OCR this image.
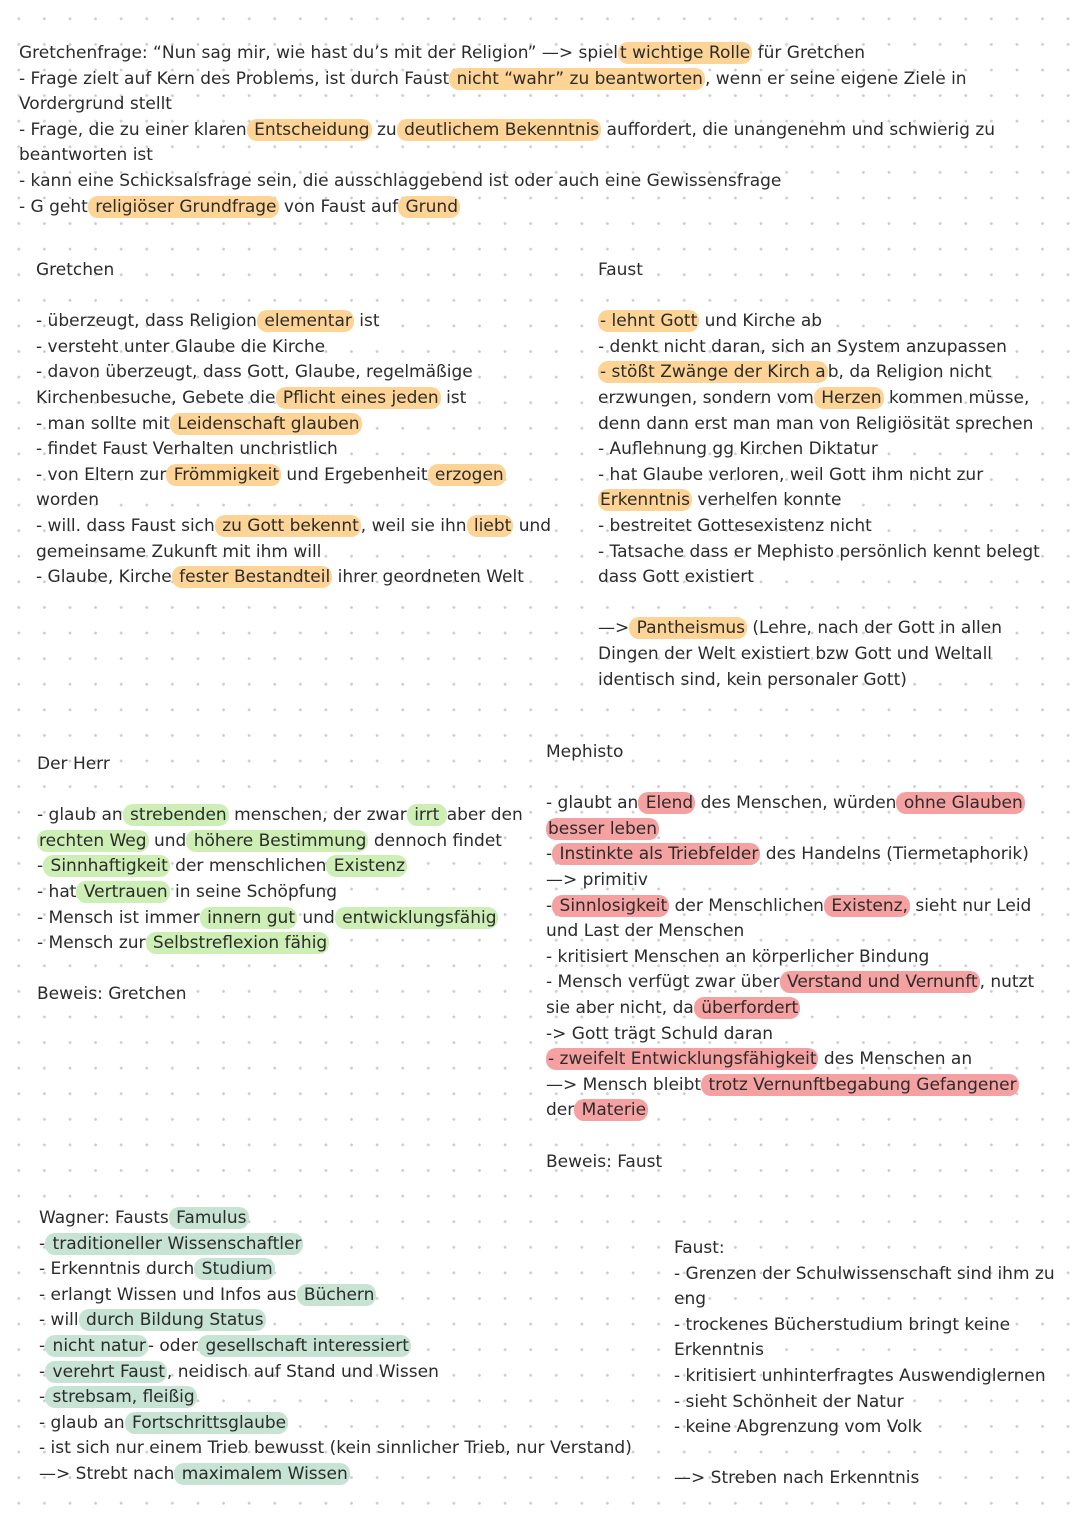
Gretchenfrage: “Nun sag mir, wie hast du’s mit der Religion” —> spiel t wichtige Rolle für Gretchen
- Frage zielt auf Kern des Problems, ist durch Faust nicht “wahr” zu beantworten , wenn er seine eigene Ziele in
Vordergrund stellt
- Frage, die zu einer klaren Entscheidung zu deutlichem Bekenntnis auffordert, die unangenehm und schwierig zu
beantworten ist
- kann eine Schicksalsfrage sein, die ausschlaggebend ist oder auch eine Gewissensfrage
- G geht religiöser Grundfrage von Faust auf Grund
Gretchen
- überzeugt, dass Religion elementar ist
- versteht unter Glaube die Kirche
- davon überzeugt, dass Gott, Glaube, regelmäßige
Kirchenbesuche, Gebete die Pflicht eines jeden ist
- man sollte mit Leidenschaft glauben
- findet Faust Verhalten unchristlich
- von Eltern zur Frömmigkeit und Ergebenheit erzogen
worden
- will. dass Faust sich zu Gott bekennt , weil sie ihn liebt und
gemeinsame Zukunft mit ihm will
- Glaube, Kirche fester Bestandteil ihrer geordneten Welt
Faust
- lehnt Gott und Kirche ab
- denkt nicht daran, sich an System anzupassen
- stößt Zwänge der Kirch a b, da Religion nicht
erzwungen, sondern vom Herzen kommen müsse,
denn dann erst man man von Religiösität sprechen
- Auflehnung gg Kirchen Diktatur
- hat Glaube verloren, weil Gott ihm nicht zur
Erkenntnis verhelfen konnte
- bestreitet Gottesexistenz nicht
- Tatsache dass er Mephisto persönlich kennt belegt
dass Gott existiert
—> Pantheismus (Lehre, nach der Gott in allen
Dingen der Welt existiert bzw Gott und Weltall
identisch sind, kein personaler Gott)
Der Herr
- glaub an strebenden menschen, der zwar irrt aber den
rechten Weg und höhere Bestimmung dennoch findet
- Sinnhaftigkeit der menschlichen Existenz
- hat Vertrauen in seine Schöpfung
- Mensch ist immer innern gut und entwicklungsfähig
- Mensch zur Selbstreflexion fähig
Beweis: Gretchen
Mephisto
- glaubt an Elend des Menschen, würden ohne Glauben
besser leben
- Instinkte als Triebfelder des Handelns (Tiermetaphorik)
—> primitiv
- Sinnlosigkeit der Menschlichen Existenz, sieht nur Leid
und Last der Menschen
- kritisiert Menschen an körperlicher Bindung
- Mensch verfügt zwar über Verstand und Vernunft , nutzt
sie aber nicht, da überfordert
-> Gott trägt Schuld daran
- zweifelt Entwicklungsfähigkeit des Menschen an
—> Mensch bleibt trotz Vernunftbegabung Gefangener
der Materie
Beweis: Faust
Wagner: Fausts Famulus
- traditioneller Wissenschaftler
- Erkenntnis durch Studium
- erlangt Wissen und Infos aus Büchern
- will durch Bildung Status
- nicht natur - oder gesellschaft interessiert
- verehrt Faust , neidisch auf Stand und Wissen
- strebsam, fleißig
- glaub an Fortschrittsglaube
- ist sich nur einem Trieb bewusst (kein sinnlicher Trieb, nur Verstand)
—> Strebt nach maximalem Wissen
Faust:
- Grenzen der Schulwissenschaft sind ihm zu
eng
- trockenes Bücherstudium bringt keine
Erkenntnis
- kritisiert unhinterfragtes Auswendiglernen
- sieht Schönheit der Natur
- keine Abgrenzung vom Volk
—> Streben nach Erkenntnis
